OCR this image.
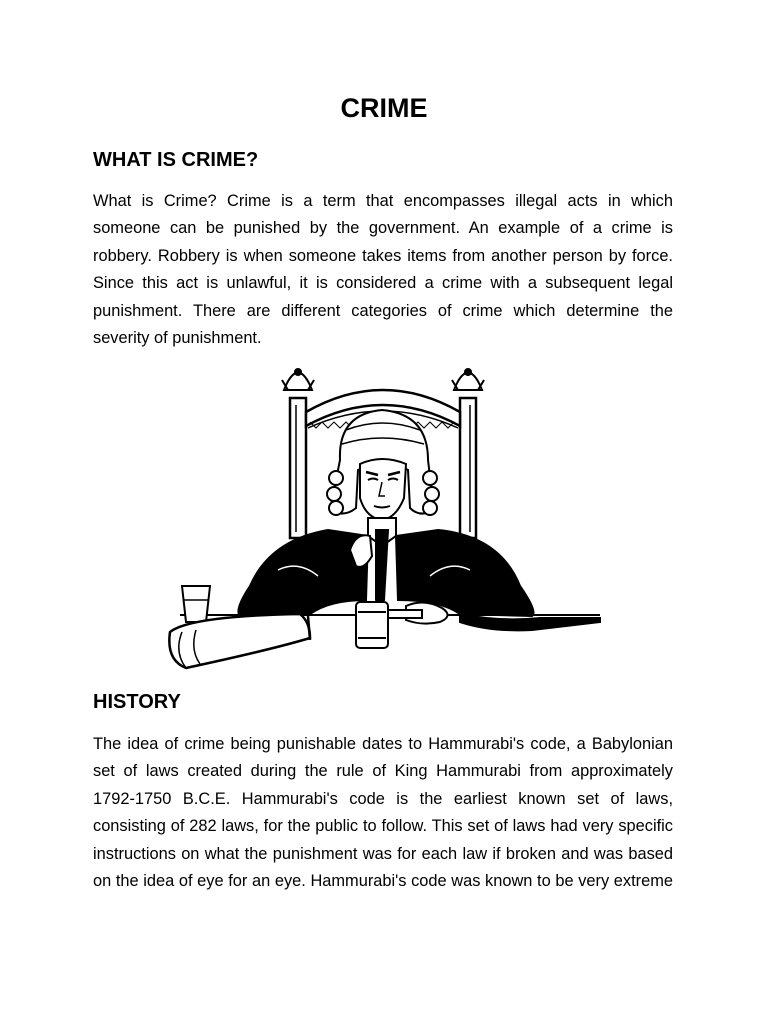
CRIME
WHAT IS CRIME?

What is Crime? Crime is a term that encompasses illegal acts in which someone can be punished by the government. An example of a crime is robbery. Robbery is when someone takes items from another person by force. Since this act is unlawful, it is considered a crime with a subsequent legal punishment. There are different categories of crime which determine the severity of punishment.

HISTORY

The idea of crime being punishable dates to Hammurabi's code, a Babylonian set of laws created during the rule of King Hammurabi from approximately 1792-1750 B.C.E. Hammurabi's code is the earliest known set of laws, consisting of 282 laws, for the public to follow. This set of laws had very specific instructions on what the punishment was for each law if broken and was based on the idea of eye for an eye. Hammurabi's code was known to be very extreme
